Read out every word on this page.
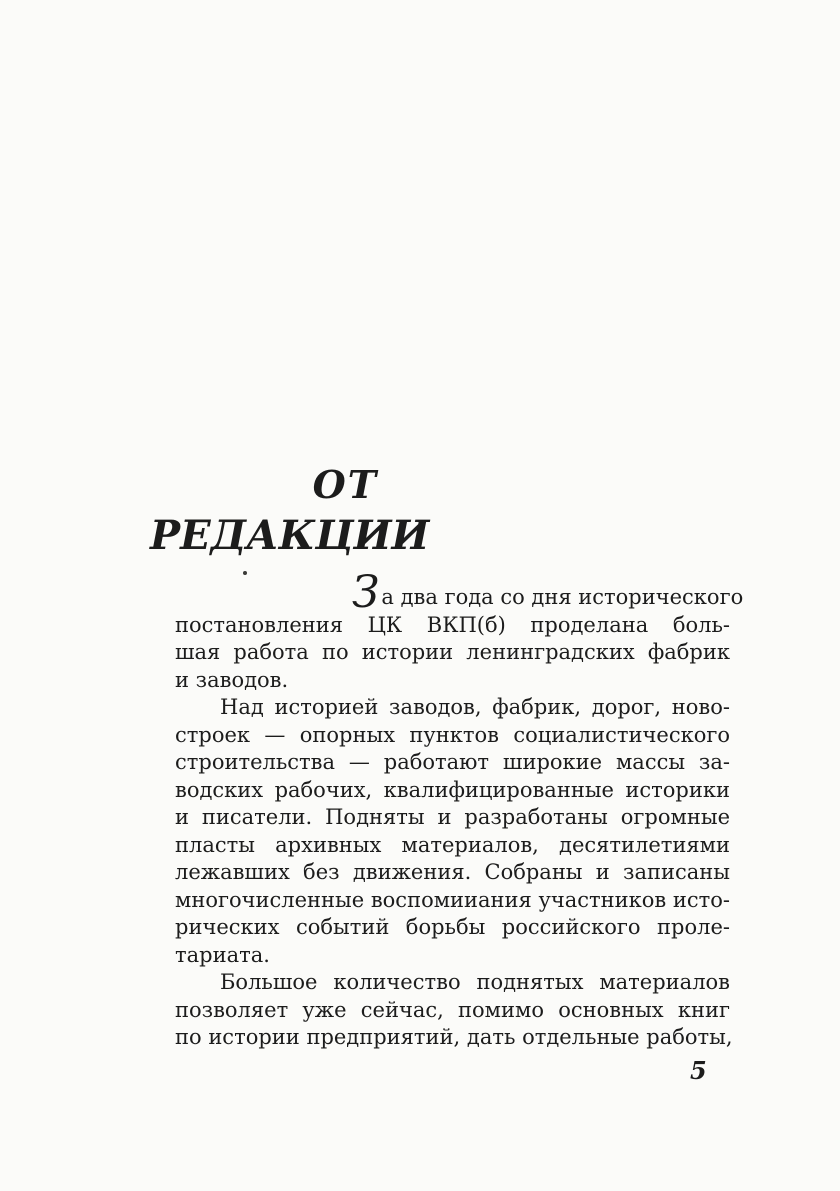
ОТ
РЕДАКЦИИ
За два года со дня исторического
постановления ЦК ВКП(б) проделана боль-
шая работа по истории ленинградских фабрик
и заводов.
Над историей заводов, фабрик, дорог, ново-
строек — опорных пунктов социалистического
строительства — работают широкие массы за-
водских рабочих, квалифицированные историки
и писатели. Подняты и разработаны огромные
пласты архивных материалов, десятилетиями
лежавших без движения. Собраны и записаны
многочисленные воспомииания участников исто-
рических событий борьбы российского проле-
тариата.
Большое количество поднятых материалов
позволяет уже сейчас, помимо основных книг
по истории предприятий, дать отдельные работы,
5
